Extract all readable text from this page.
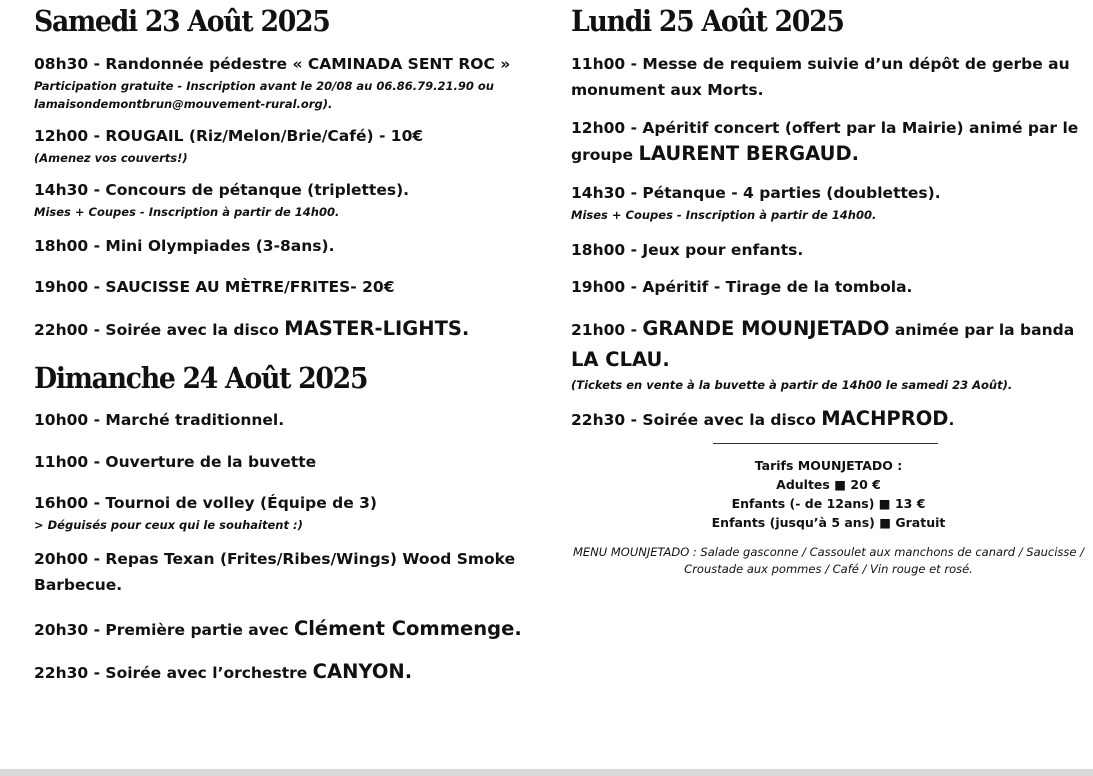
Samedi 23 Août 2025

08h30 - Randonnée pédestre « CAMINADA SENT ROC »

Participation gratuite - Inscription avant le 20/08 au 06.86.79.21.90 ou lamaisondemontbrun@mouvement-rural.org).

12h00 - ROUGAIL (Riz/Melon/Brie/Café) - 10€

(Amenez vos couverts!)

14h30 - Concours de pétanque (triplettes).

Mises + Coupes - Inscription à partir de 14h00.

18h00 - Mini Olympiades (3-8ans).

19h00 - SAUCISSE AU MÈTRE/FRITES- 20€

22h00 - Soirée avec la disco MASTER-LIGHTS.

Dimanche 24 Août 2025

10h00 - Marché traditionnel.

11h00 - Ouverture de la buvette

16h00 - Tournoi de volley (Équipe de 3)

> Déguisés pour ceux qui le souhaitent :)

20h00 - Repas Texan (Frites/Ribes/Wings) Wood Smoke Barbecue.

20h30 - Première partie avec Clément Commenge.

22h30 - Soirée avec l’orchestre CANYON.

Lundi 25 Août 2025

11h00 - Messe de requiem suivie d’un dépôt de gerbe au monument aux Morts.

12h00 - Apéritif concert (offert par la Mairie) animé par le groupe LAURENT BERGAUD.

14h30 - Pétanque - 4 parties (doublettes).

Mises + Coupes - Inscription à partir de 14h00.

18h00 - Jeux pour enfants.

19h00 - Apéritif - Tirage de la tombola.

21h00 - GRANDE MOUNJETADO animée par la banda LA CLAU.

(Tickets en vente à la buvette à partir de 14h00 le samedi 23 Août).

22h30 - Soirée avec la disco MACHPROD.

Tarifs MOUNJETADO :
Adultes ■ 20 €
Enfants (- de 12ans) ■ 13 €
Enfants (jusqu’à 5 ans) ■ Gratuit

MENU MOUNJETADO : Salade gasconne / Cassoulet aux manchons de canard / Saucisse / Croustade aux pommes / Café / Vin rouge et rosé.
